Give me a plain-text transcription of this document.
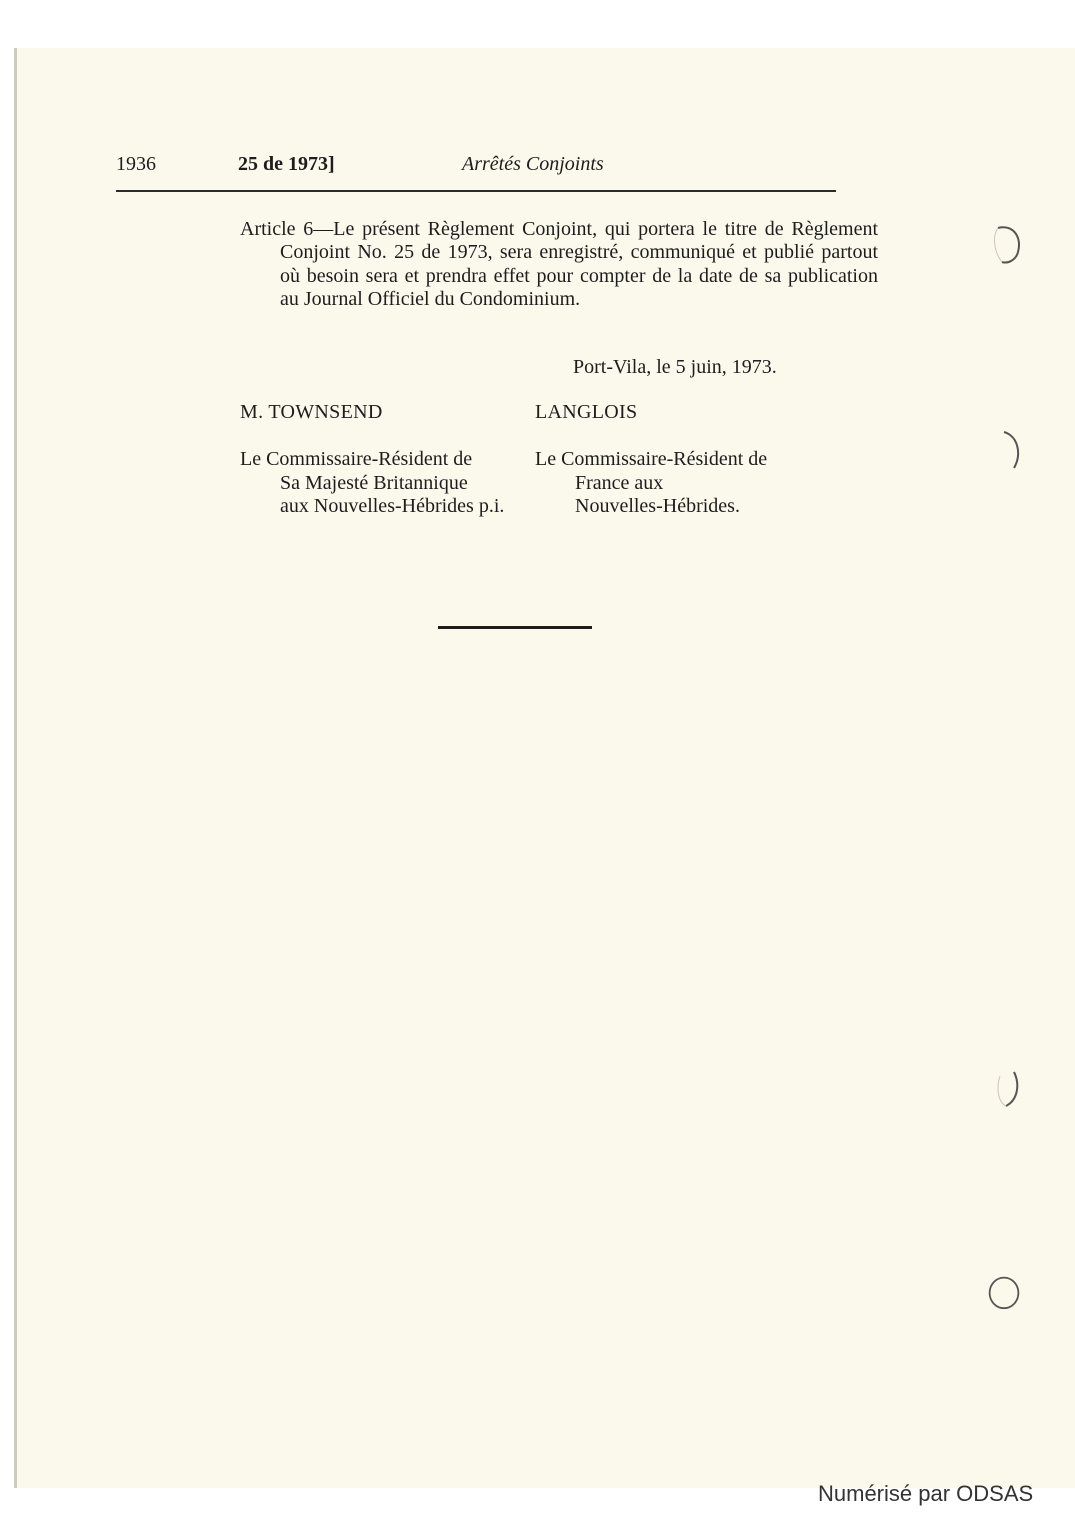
1936	25 de 1973]	Arrêtés Conjoints

Article 6—Le présent Règlement Conjoint, qui portera le titre de Règlement Conjoint No. 25 de 1973, sera enregistré, communiqué et publié partout où besoin sera et prendra effet pour compter de la date de sa publication au Journal Officiel du Condominium.

Port-Vila, le 5 juin, 1973.
M. TOWNSEND	LANGLOIS
Le Commissaire-Résident de
Sa Majesté Britannique
aux Nouvelles-Hébrides p.i.
Le Commissaire-Résident de
France aux
Nouvelles-Hébrides.
Numérisé par ODSAS
